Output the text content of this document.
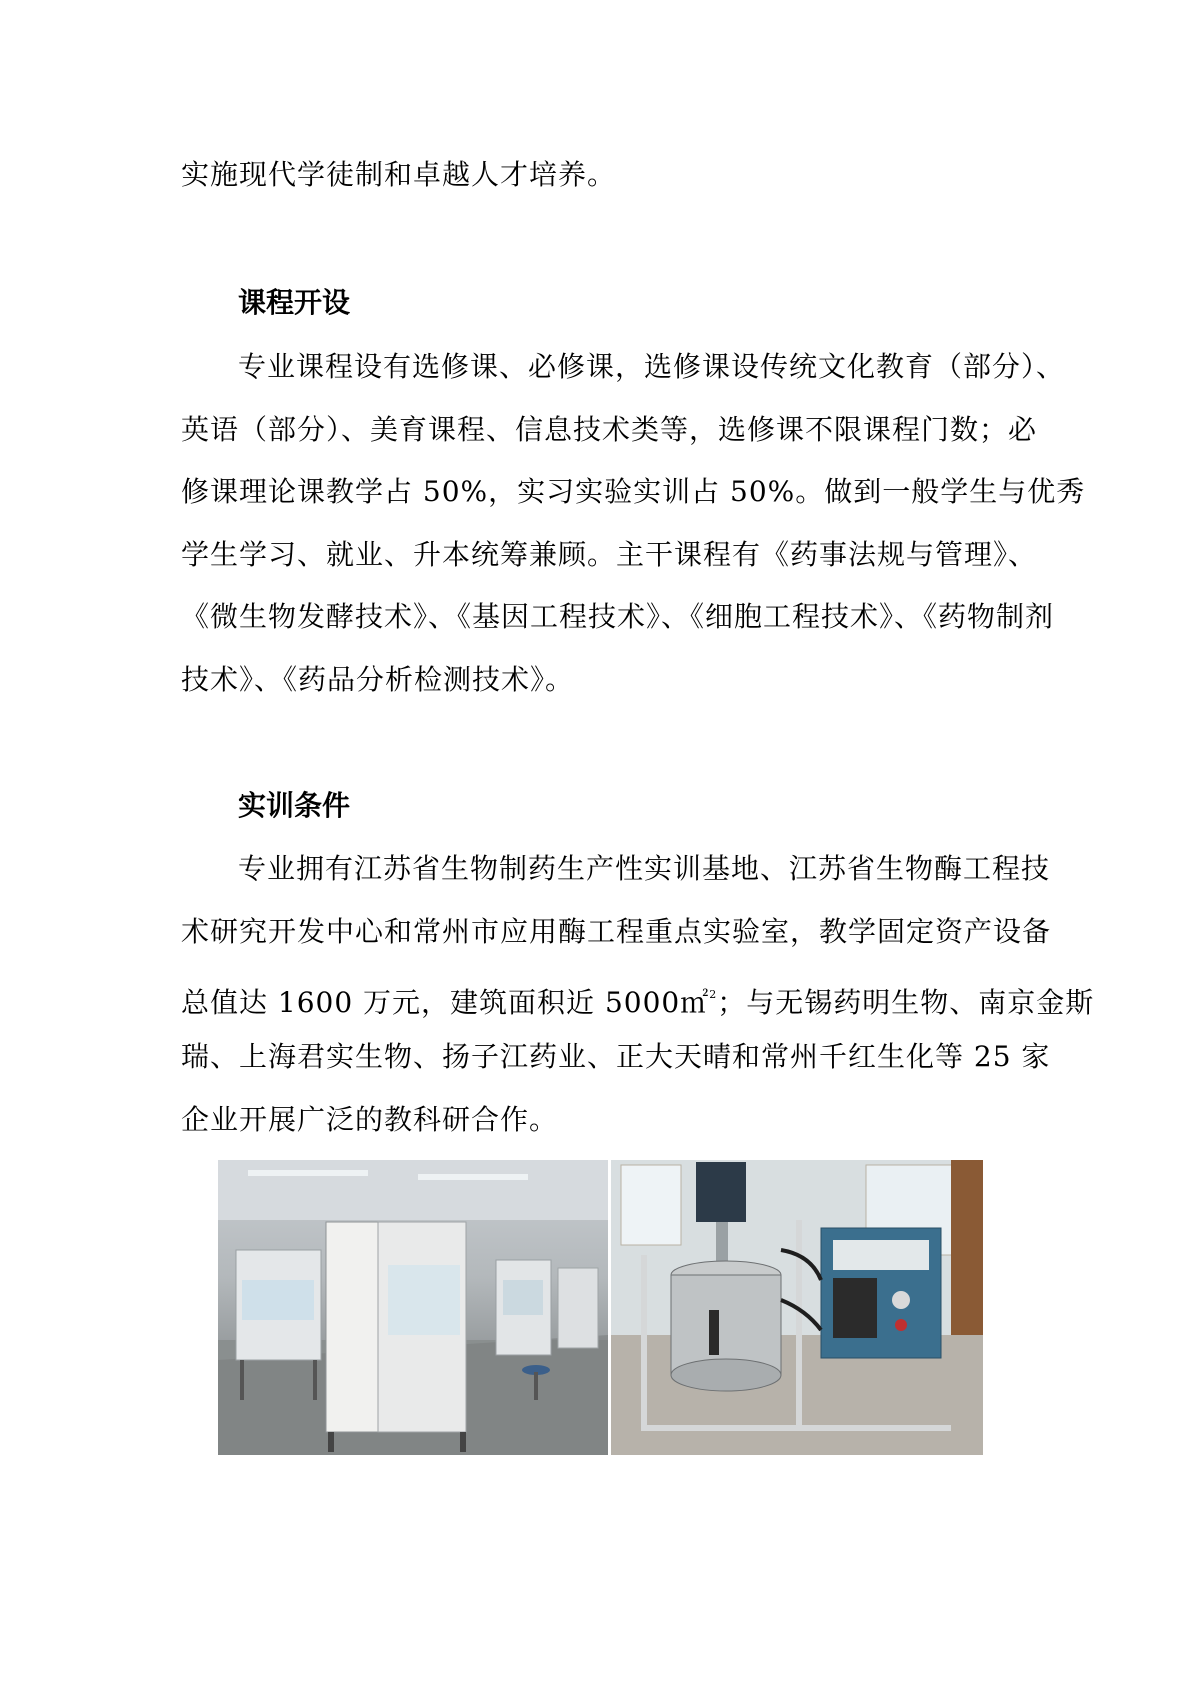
实施现代学徒制和卓越人才培养。
课程开设
专业课程设有选修课、必修课，选修课设传统文化教育（部分）、
英语（部分）、美育课程、信息技术类等，选修课不限课程门数；必
修课理论课教学占 50%，实习实验实训占 50%。做到一般学生与优秀
学生学习、就业、升本统筹兼顾。主干课程有《药事法规与管理》、
《微生物发酵技术》、《基因工程技术》、《细胞工程技术》、《药物制剂
技术》、《药品分析检测技术》。
实训条件
专业拥有江苏省生物制药生产性实训基地、江苏省生物酶工程技
术研究开发中心和常州市应用酶工程重点实验室，教学固定资产设备
总值达 1600 万元，建筑面积近 5000㎡$^2$；与无锡药明生物、南京金斯
瑞、上海君实生物、扬子江药业、正大天晴和常州千红生化等 25 家
企业开展广泛的教科研合作。
